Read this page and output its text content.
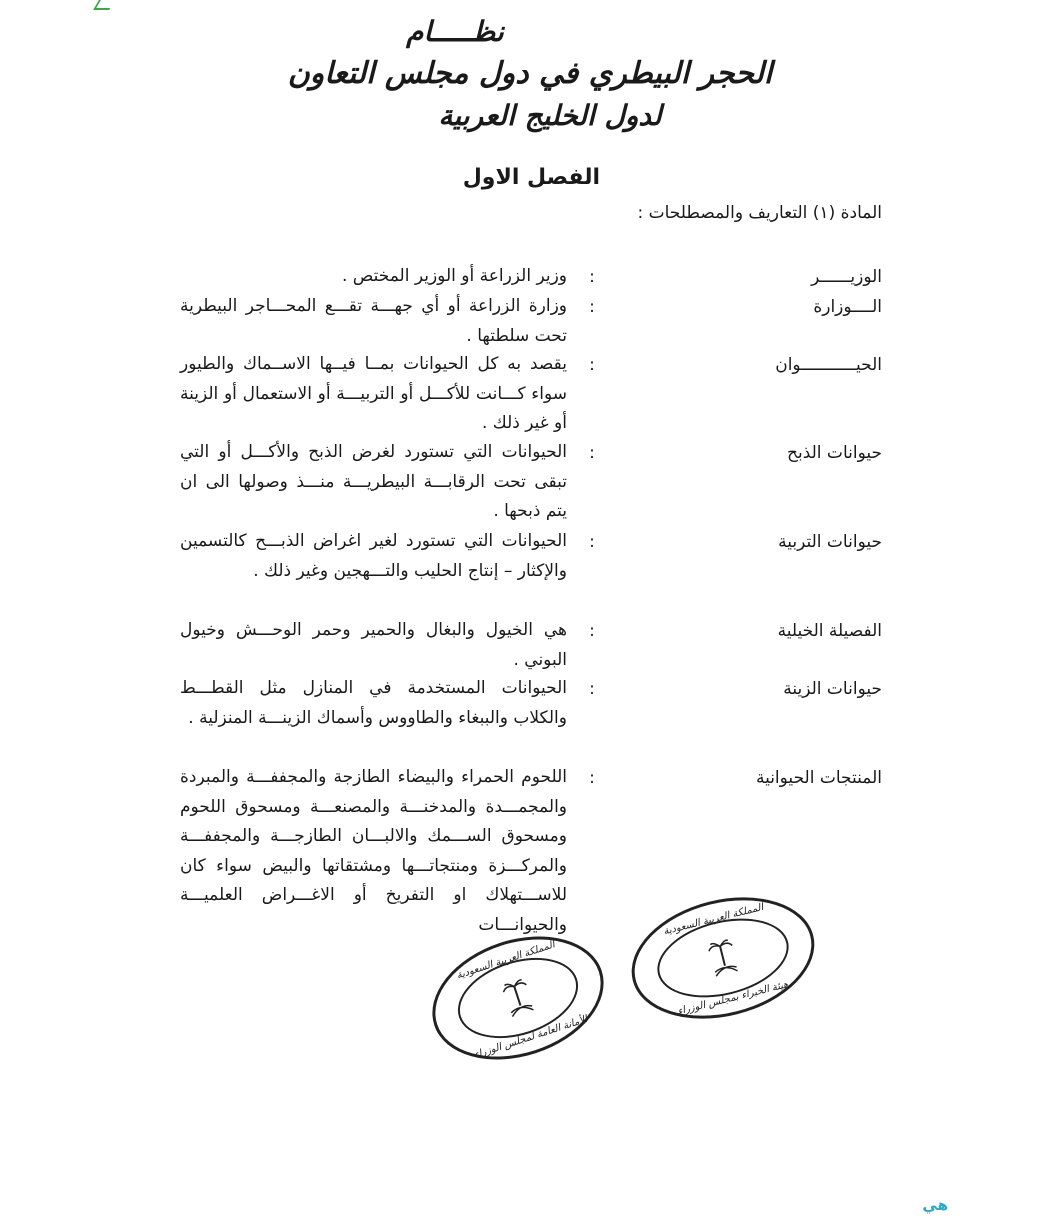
نظـــــام
الحجر البيطري في دول مجلس التعاون
لدول الخليج العربية
الفصل الاول
المادة (١) التعاريف والمصطلحات :
الوزيــــــر
:
وزير الزراعة أو الوزير المختص .
الــــوزارة
:
وزارة الزراعة أو أي جهـــة تقـــع المحـــاجر البيطرية تحت سلطتها .
الحيـــــــــــوان
:
يقصد به كل الحيوانات بمــا فيــها الاســماك والطيور سواء كـــانت للأكـــل أو التربيـــة أو الاستعمال أو الزينة أو غير ذلك .
حيوانات الذبح
:
الحيوانات التي تستورد لغرض الذبح والأكـــل أو التي تبقى تحت الرقابـــة البيطريـــة منـــذ وصولها الى ان يتم ذبحها .
حيوانات التربية
:
الحيوانات التي تستورد لغير اغراض الذبـــح كالتسمين والإكثار – إنتاج الحليب والتـــهجين وغير ذلك .
الفصيلة الخيلية
:
هي الخيول والبغال والحمير وحمر الوحـــش وخيول البوني .
حيوانات الزينة
:
الحيوانات المستخدمة في المنازل مثل القطـــط والكلاب والببغاء والطاووس وأسماك الزينـــة المنزلية .
المنتجات الحيوانية
:
اللحوم الحمراء والبيضاء الطازجة والمجففـــة والمبردة والمجمـــدة والمدخنـــة والمصنعـــة ومسحوق اللحوم ومسحوق الســـمك والالبـــان الطازجـــة والمجففـــة والمركـــزة ومنتجاتـــها ومشتقاتها والبيض سواء كان للاســـتهلاك او التفريخ أو الاغـــراض العلميـــة والحيوانـــات
المملكة العربية السعودية
الأمانة العامة لمجلس الوزراء
المملكة العربية السعودية
هيئة الخبراء بمجلس الوزراء
هي
